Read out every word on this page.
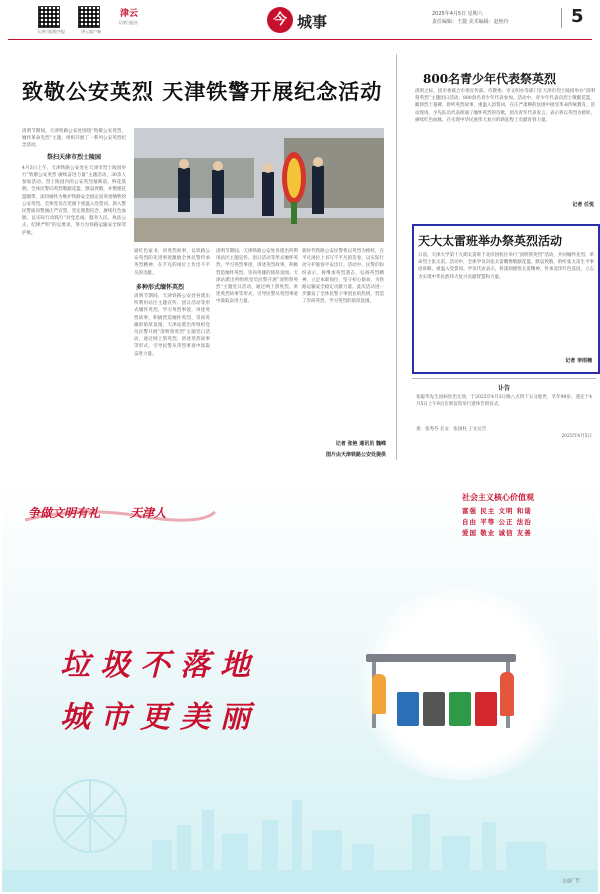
天津日报数字报	津云客户端
津云
天津日报社	今 城事	2025年4月5日 星期六
责任编辑：王捷 美术编辑：赵艳玲	5
致敬公安英烈 天津铁警开展纪念活动
清明节期间，天津铁路公安处围绕“致敬公安英烈，缅怀革命先烈”主题，组织开展了一系列公安英烈纪念活动。
祭扫天津市烈士陵园
4月3日上午，天津铁路公安处在天津市烈士陵园举行“致敬公安英烈 赓续奋进力量”主题活动，30余人参加活动。烈士陵园内的公安英烈墓碑前，鲜花簇拥，全体民警向英烈敬献花篮、默哀致敬，并整理花篮缎带，深切缅怀为维护铁路安全稳定而英勇牺牲的公安英烈。全体党员在党旗下重温入党誓词，新入警民警面向警旗庄严宣誓，坚定理想信念，赓续红色血脉，以实际行动践行“对党忠诚、服务人民、执法公正、纪律严明”的总要求，努力为铁路运输安全保驾护航。
诵红色家书，讲英烈故事，以铁路公安英烈的先进事迹激励全体民警传承英烈精神，在平凡的岗位上作出不平凡的贡献。
多种形式缅怀英烈
清明节期间，天津铁路公安处各派出所利用站区主题宣传、团日活动等形式缅怀英烈，学习英烈事迹，讲述英烈故事，积极营造缅怀英烈、崇尚英雄的浓厚氛围。天津站派出所组织党员民警开展“清明祭英烈”主题党日活动，通过网上祭英烈、讲述英烈故事等形式，引导民警从英烈事迹中汲取奋进力量。
清明节期间，天津铁路公安处各派出所利用站区主题宣传、团日活动等形式缅怀英烈，学习英烈事迹，讲述英烈故事，积极营造缅怀英烈、崇尚英雄的浓厚氛围。天津站派出所组织党员民警开展“清明祭英烈”主题党日活动，通过网上祭英烈、讲述英烈故事等形式，引导民警从英烈事迹中汲取奋进力量。
新时代铁路公安民警将以英烈为榜样，在平凡岗位上书写不平凡的答卷，以实际行动守护旅客平安出行。活动中，民警们纷纷表示，将继承英烈遗志，弘扬英烈精神，立足本职岗位，坚守初心使命，为铁路运输安全稳定贡献力量。此次活动进一步激发了全体民警干事创业的热情，营造了崇尚英烈、学习英烈的浓厚氛围。
记者 张艳 通讯员 魏嵘
图片由天津铁路公安处提供
800名青少年代表祭英烈
清明之际，团市委联合市委宣传部、市教委、市文明办等部门在天津市烈士陵园举办“清明祭英烈”主题团日活动，800余名青少年代表参加。活动中，青少年代表向烈士敬献花篮，瞻仰烈士墓碑，聆听英烈故事，重温入团誓词，在庄严肃穆的氛围中接受革命传统教育。活动现场，少先队员代表朗诵了缅怀英烈的诗歌，团员青年代表发言，表示将以英烈为榜样，赓续红色血脉，在实现中华民族伟大复兴的新征程上贡献青春力量。
记者 任悦
天大太雷班举办祭英烈活动
日前，天津大学第十九期太雷班于北洋园校区举行“清明祭英烈”活动，共同缅怀先烈、革命烈士张太雷。活动中，全体学员向张太雷雕像敬献花篮、默哀致敬，聆听张太雷生平事迹讲解，重温入党誓词。学员代表表示，将深刻感悟太雷精神，传承北洋红色基因，立志为实现中华民族伟大复兴贡献智慧和力量。
记者 李雨楠
讣告
张聪华先生因病医治无效，于2025年4月3日晚八点四十五分逝世，享年98岁。遗定于4月5日上午9点在殡仪馆举行遗体告别仪式。
妻：张秀芬 长女：张国柱 子女泣告
2025年4月5日
争做文明有礼 天津人
社会主义核心价值观
富强 民主 文明 和谐
自由 平等 公正 法治
爱国 敬业 诚信 友善
垃圾不落地
城市更美丽
公益广告
